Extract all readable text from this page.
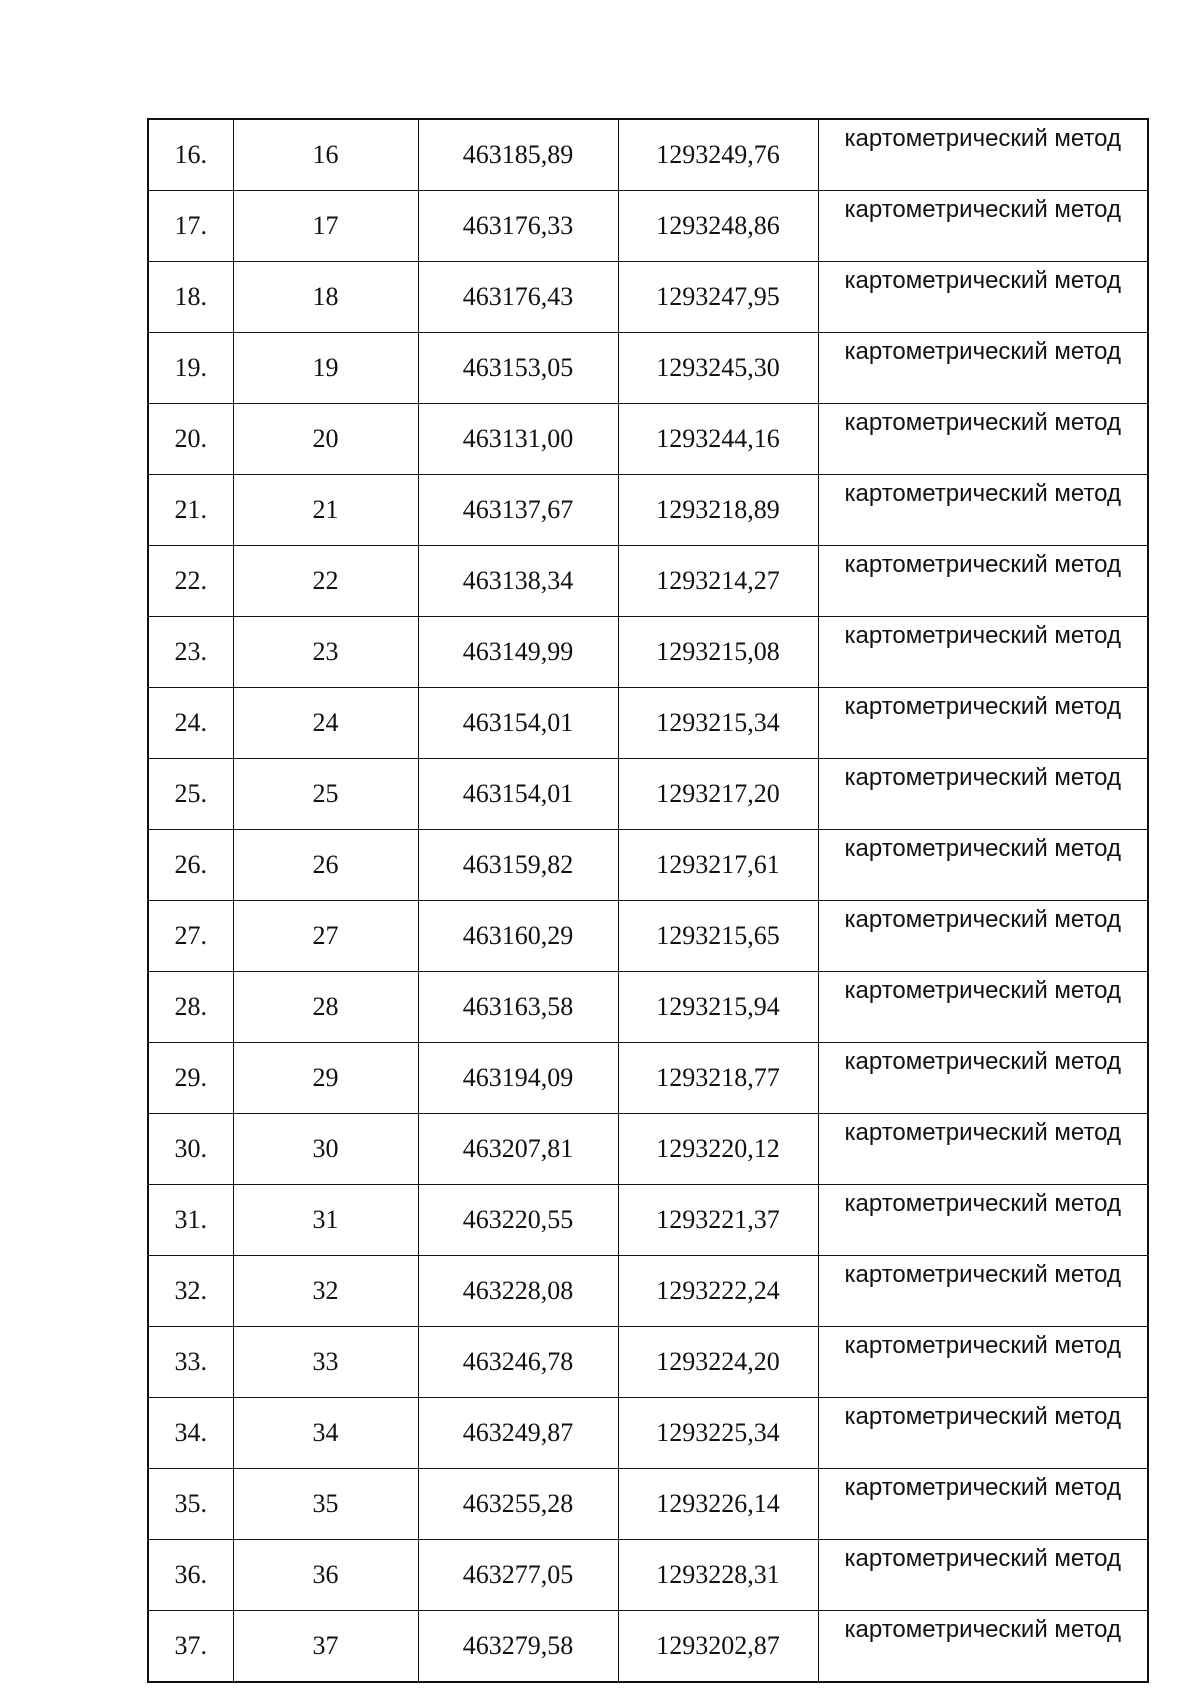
16.	16	463185,89	1293249,76	картометрический метод
17.	17	463176,33	1293248,86	картометрический метод
18.	18	463176,43	1293247,95	картометрический метод
19.	19	463153,05	1293245,30	картометрический метод
20.	20	463131,00	1293244,16	картометрический метод
21.	21	463137,67	1293218,89	картометрический метод
22.	22	463138,34	1293214,27	картометрический метод
23.	23	463149,99	1293215,08	картометрический метод
24.	24	463154,01	1293215,34	картометрический метод
25.	25	463154,01	1293217,20	картометрический метод
26.	26	463159,82	1293217,61	картометрический метод
27.	27	463160,29	1293215,65	картометрический метод
28.	28	463163,58	1293215,94	картометрический метод
29.	29	463194,09	1293218,77	картометрический метод
30.	30	463207,81	1293220,12	картометрический метод
31.	31	463220,55	1293221,37	картометрический метод
32.	32	463228,08	1293222,24	картометрический метод
33.	33	463246,78	1293224,20	картометрический метод
34.	34	463249,87	1293225,34	картометрический метод
35.	35	463255,28	1293226,14	картометрический метод
36.	36	463277,05	1293228,31	картометрический метод
37.	37	463279,58	1293202,87	картометрический метод
